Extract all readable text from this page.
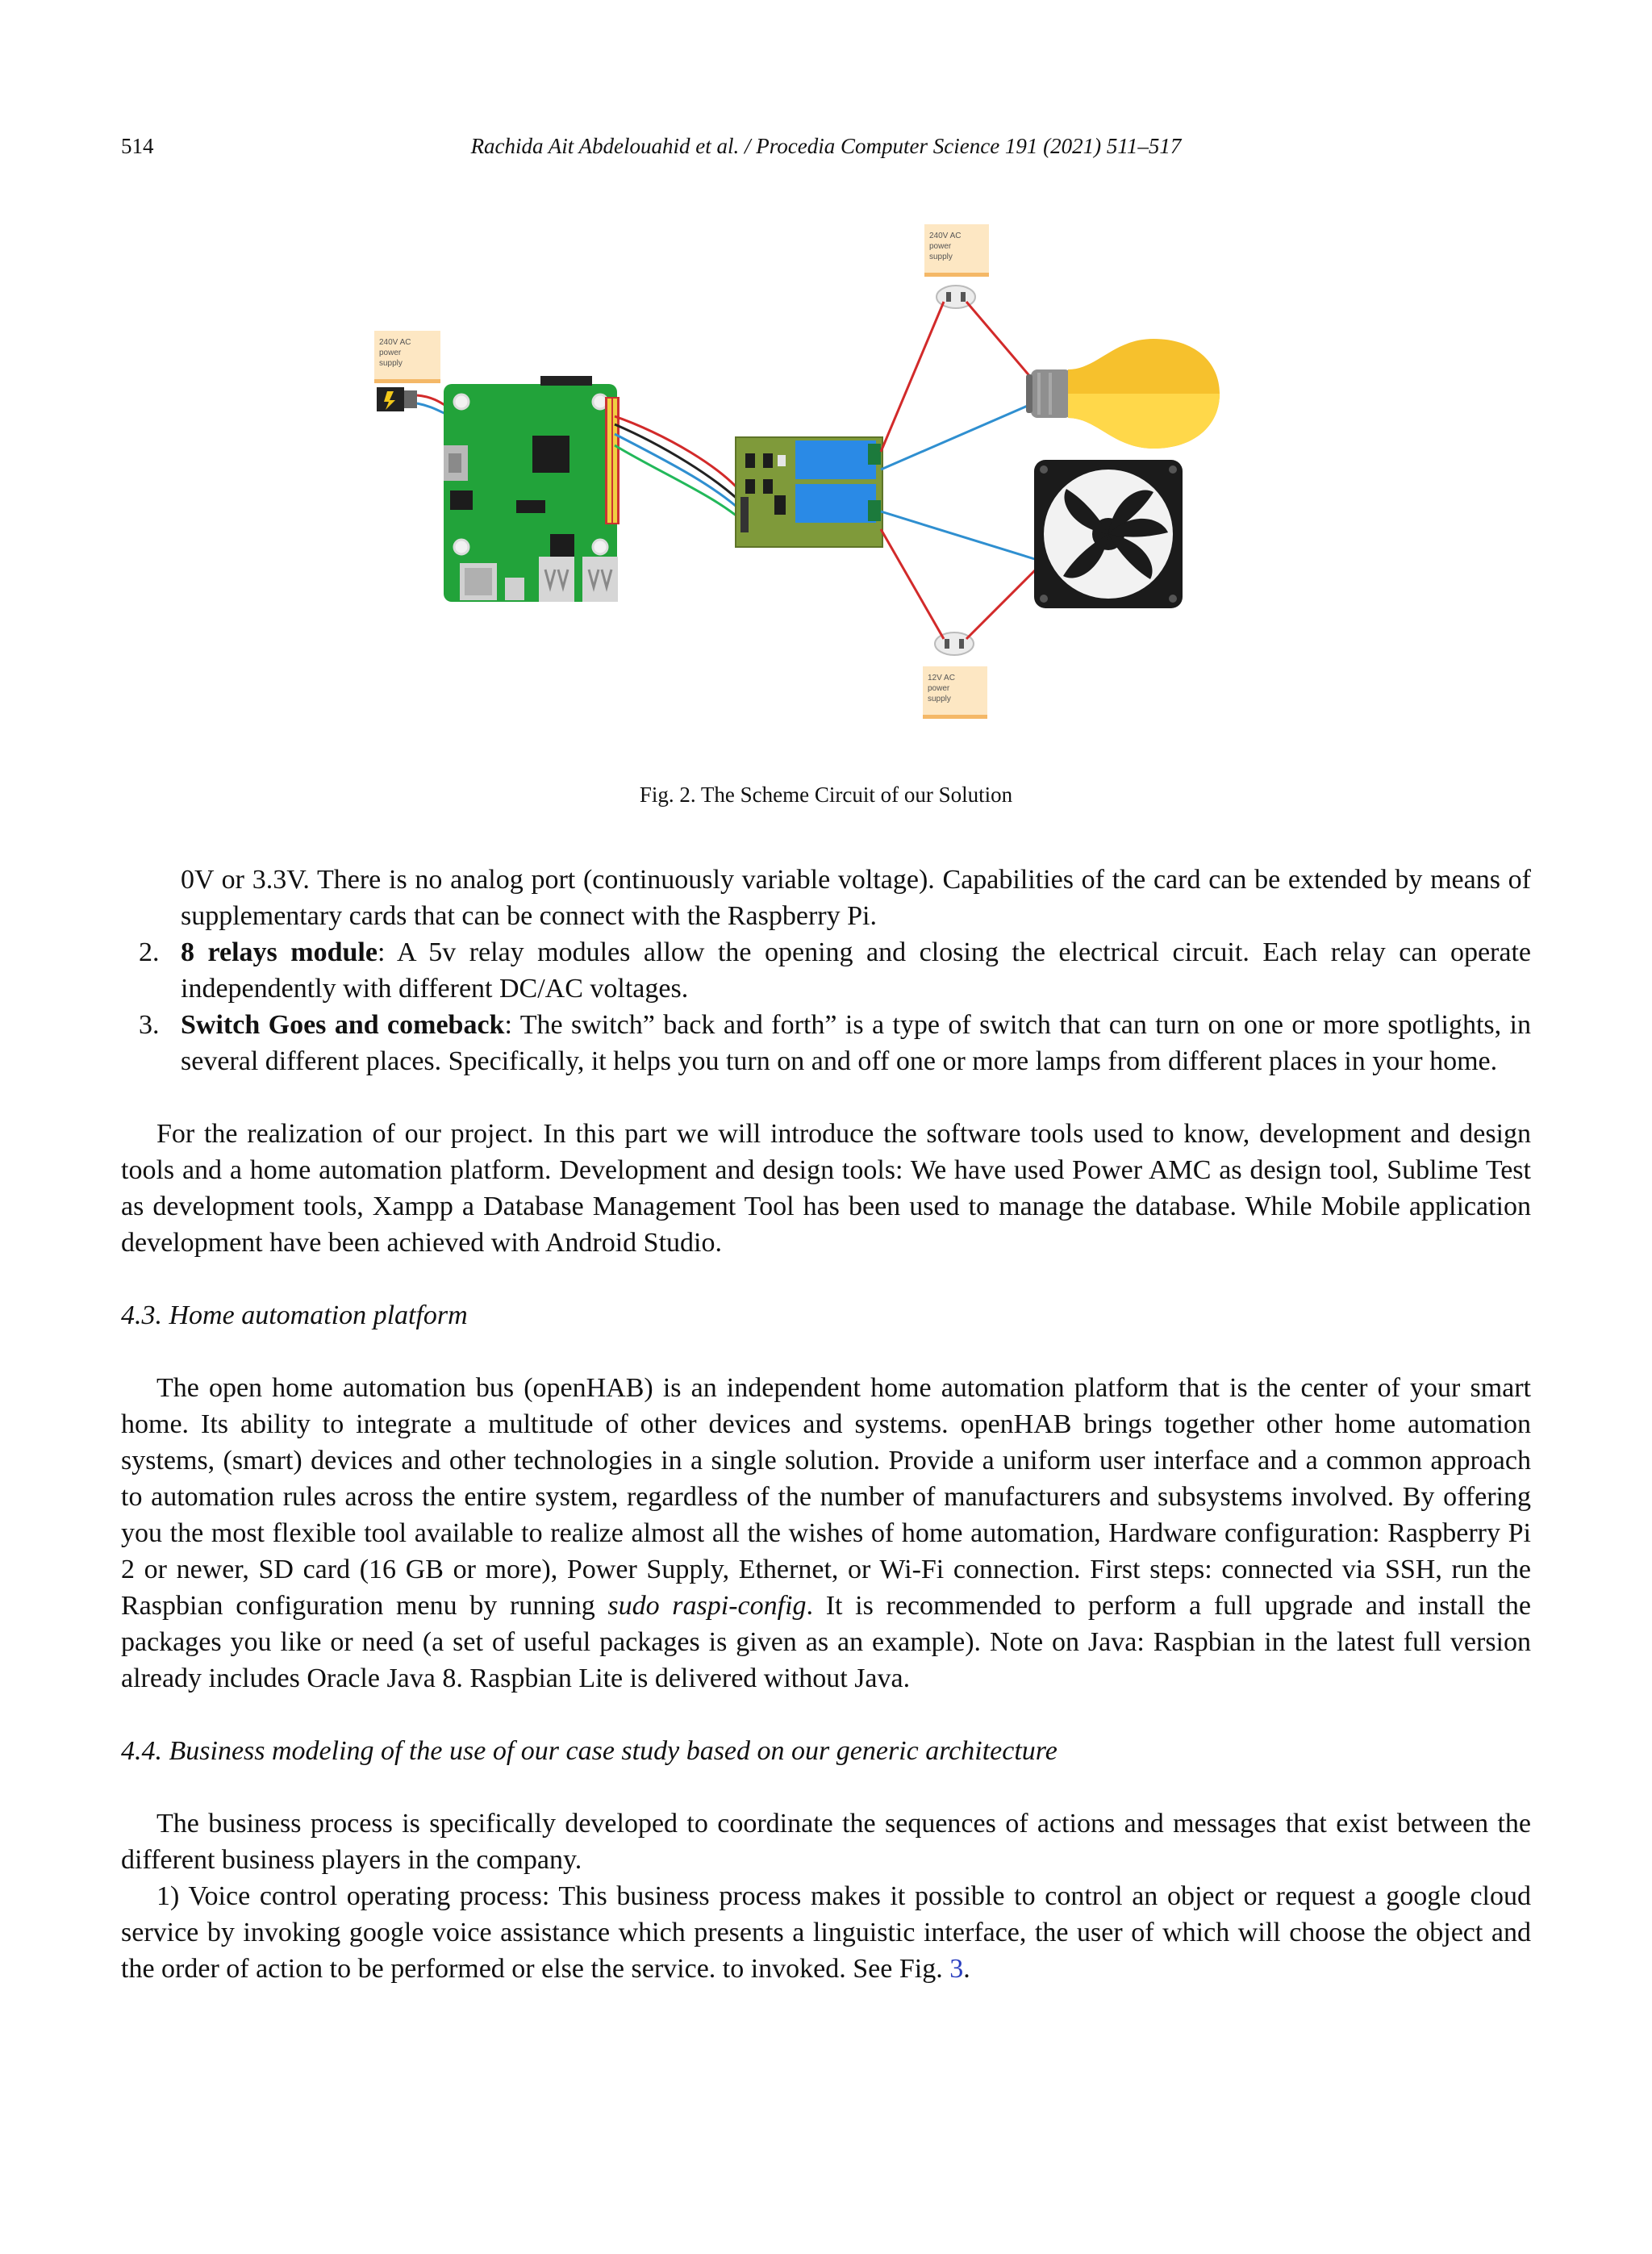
514	Rachida Ait Abdelouahid et al. / Procedia Computer Science 191 (2021) 511–517
240V AC
power
supply
240V AC
power
supply
12V AC
power
supply
Fig. 2. The Scheme Circuit of our Solution

0V or 3.3V. There is no analog port (continuously variable voltage). Capabilities of the card can be extended by means of supplementary cards that can be connect with the Raspberry Pi.

2. 8 relays module: A 5v relay modules allow the opening and closing the electrical circuit. Each relay can operate independently with different DC/AC voltages.
3. Switch Goes and comeback: The switch” back and forth” is a type of switch that can turn on one or more spotlights, in several different places. Specifically, it helps you turn on and off one or more lamps from different places in your home.

For the realization of our project. In this part we will introduce the software tools used to know, development and design tools and a home automation platform. Development and design tools: We have used Power AMC as design tool, Sublime Test as development tools, Xampp a Database Management Tool has been used to manage the database. While Mobile application development have been achieved with Android Studio.

4.3. Home automation platform

The open home automation bus (openHAB) is an independent home automation platform that is the center of your smart home. Its ability to integrate a multitude of other devices and systems. openHAB brings together other home automation systems, (smart) devices and other technologies in a single solution. Provide a uniform user interface and a common approach to automation rules across the entire system, regardless of the number of manufacturers and subsystems involved. By offering you the most flexible tool available to realize almost all the wishes of home automation, Hardware configuration: Raspberry Pi 2 or newer, SD card (16 GB or more), Power Supply, Ethernet, or Wi-Fi connection. First steps: connected via SSH, run the Raspbian configuration menu by running sudo raspi-config. It is recommended to perform a full upgrade and install the packages you like or need (a set of useful packages is given as an example). Note on Java: Raspbian in the latest full version already includes Oracle Java 8. Raspbian Lite is delivered without Java.

4.4. Business modeling of the use of our case study based on our generic architecture

The business process is specifically developed to coordinate the sequences of actions and messages that exist between the different business players in the company.

1) Voice control operating process: This business process makes it possible to control an object or request a google cloud service by invoking google voice assistance which presents a linguistic interface, the user of which will choose the object and the order of action to be performed or else the service. to invoked. See Fig. 3.
